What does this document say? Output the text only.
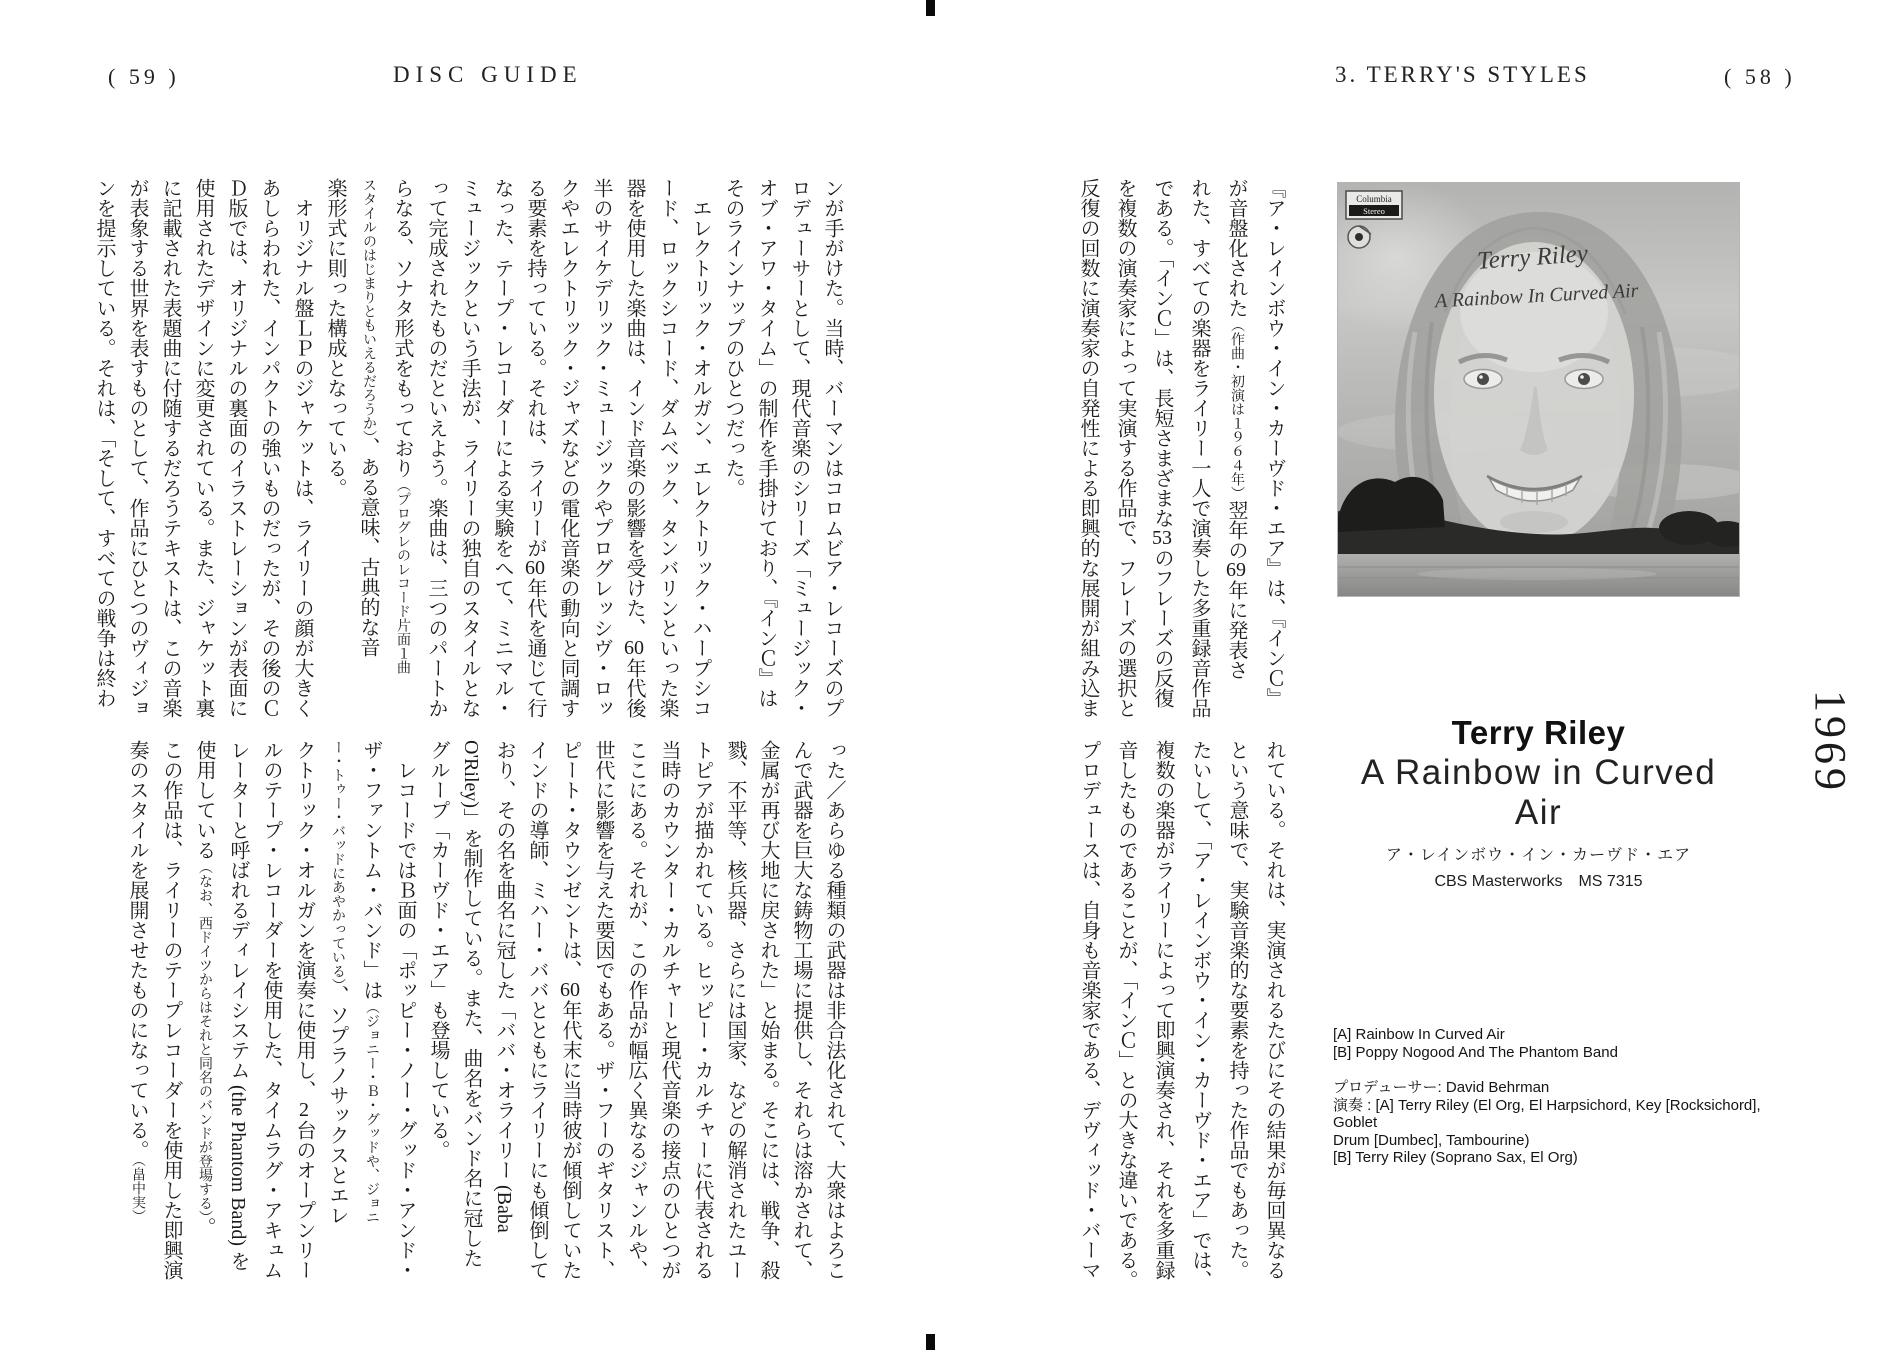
( 59 )	DISC GUIDE	3. TERRY'S STYLES	( 58 )
ンが手がけた。当時、バーマンはコロムビア・レコーズのプ
ロデューサーとして、現代音楽のシリーズ「ミュージック・
オブ・アワ・タイム」の制作を手掛けており、『インＣ』は
そのラインナップのひとつだった。
　エレクトリック・オルガン、エレクトリック・ハープシコ
ード、ロックシコード、ダムベック、タンバリンといった楽
器を使用した楽曲は、インド音楽の影響を受けた、60年代後
半のサイケデリック・ミュージックやプログレッシヴ・ロッ
クやエレクトリック・ジャズなどの電化音楽の動向と同調す
る要素を持っている。それは、ライリーが60年代を通じて行
なった、テープ・レコーダーによる実験をへて、ミニマル・
ミュージックという手法が、ライリーの独自のスタイルとな
って完成されたものだといえよう。楽曲は、三つのパートか
らなる、ソナタ形式をもっており（プログレのレコード片面１曲
スタイルのはじまりともいえるだろうか）、ある意味、古典的な音
楽形式に則った構成となっている。
　オリジナル盤ＬＰのジャケットは、ライリーの顔が大きく
あしらわれた、インパクトの強いものだったが、その後のＣ
Ｄ版では、オリジナルの裏面のイラストレーションが表面に
使用されたデザインに変更されている。また、ジャケット裏
に記載された表題曲に付随するだろうテキストは、この音楽
が表象する世界を表すものとして、作品にひとつのヴィジョ
ンを提示している。それは、「そして、すべての戦争は終わ
った／あらゆる種類の武器は非合法化されて、大衆はよろこ
んで武器を巨大な鋳物工場に提供し、それらは溶かされて、
金属が再び大地に戻された」と始まる。そこには、戦争、殺
戮、不平等、核兵器、さらには国家、などの解消されたユー
トピアが描かれている。ヒッピー・カルチャーに代表される
当時のカウンター・カルチャーと現代音楽の接点のひとつが
ここにある。それが、この作品が幅広く異なるジャンルや、
世代に影響を与えた要因でもある。ザ・フーのギタリスト、
ピート・タウンゼントは、60年代末に当時彼が傾倒していた
インドの導師、ミハー・ババとともにライリーにも傾倒して
おり、その名を曲名に冠した「ババ・オライリー (Baba
O'Riley)」を制作している。また、曲名をバンド名に冠した
グループ「カーヴド・エア」も登場している。
　レコードではＢ面の「ポッピー・ノー・グッド・アンド・
ザ・ファントム・バンド」は（ジョニー・Ｂ・グッドや、ジョニ
ー・トゥー・バッドにあやかっている）、ソプラノサックスとエレ
クトリック・オルガンを演奏に使用し、2台のオープンリー
ルのテープ・レコーダーを使用した、タイムラグ・アキュム
レーターと呼ばれるディレイシステム (the Phantom Band) を
使用している（なお、西ドイツからはそれと同名のバンドが登場する）。
この作品は、ライリーのテープレコーダーを使用した即興演
奏のスタイルを展開させたものになっている。（畠中実）
『ア・レインボウ・イン・カーヴド・エア』は、『インＣ』
が音盤化された（作曲・初演は１９６４年）翌年の69年に発表さ
れた、すべての楽器をライリー一人で演奏した多重録音作品
である。「インＣ」は、長短さまざまな53のフレーズの反復
を複数の演奏家によって実演する作品で、フレーズの選択と
反復の回数に演奏家の自発性による即興的な展開が組み込ま
れている。それは、実演されるたびにその結果が毎回異なる
という意味で、実験音楽的な要素を持った作品でもあった。
たいして、「ア・レインボウ・イン・カーヴド・エア」では、
複数の楽器がライリーによって即興演奏され、それを多重録
音したものであることが、「インＣ」との大きな違いである。
プロデュースは、自身も音楽家である、デヴィッド・バーマ
Terry Riley
A Rainbow In Curved Air
Columbia
Stereo
Terry Riley
A Rainbow in Curved Air
ア・レインボウ・イン・カーヴド・エア
CBS Masterworks　MS 7315
[A] Rainbow In Curved Air
[B] Poppy Nogood And The Phantom Band
プロデューサー: David Behrman
演奏 : [A] Terry Riley (El Org, El Harpsichord, Key [Rocksichord], Goblet
Drum [Dumbec], Tambourine)
[B] Terry Riley (Soprano Sax, El Org)
1969
